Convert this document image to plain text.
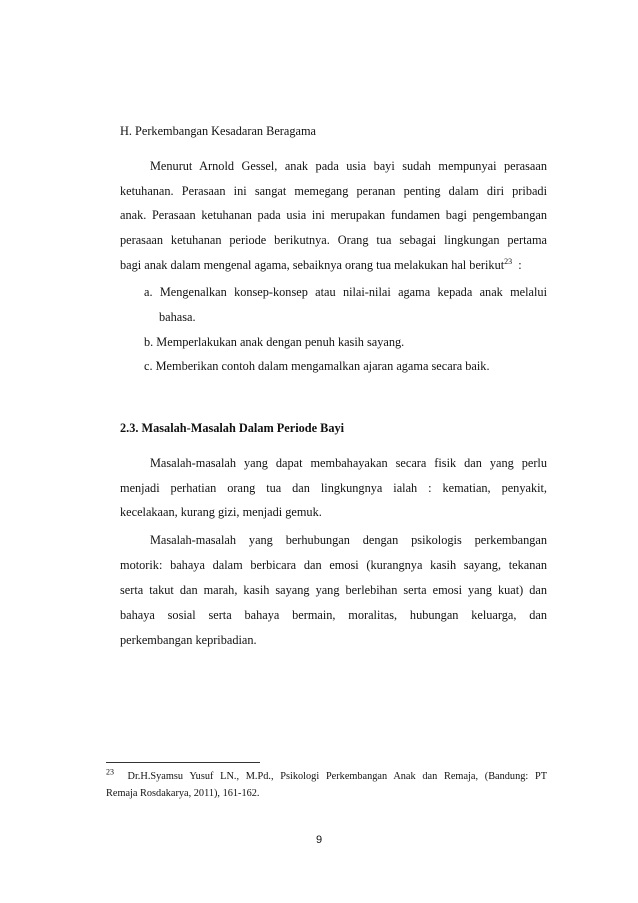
H. Perkembangan Kesadaran Beragama
Menurut Arnold Gessel, anak pada usia bayi sudah mempunyai perasaan
ketuhanan. Perasaan ini sangat memegang peranan penting dalam diri pribadi
anak. Perasaan ketuhanan pada usia ini merupakan fundamen bagi pengembangan
perasaan ketuhanan periode berikutnya. Orang tua sebagai lingkungan pertama
bagi anak dalam mengenal agama, sebaiknya orang tua melakukan hal berikut$^{23}$ :
a. Mengenalkan konsep-konsep atau nilai-nilai agama kepada anak melalui
bahasa.
b. Memperlakukan anak dengan penuh kasih sayang.
c. Memberikan contoh dalam mengamalkan ajaran agama secara baik.
2.3. Masalah-Masalah Dalam Periode Bayi
Masalah-masalah yang dapat membahayakan secara fisik dan yang perlu
menjadi perhatian orang tua dan lingkungnya ialah : kematian, penyakit,
kecelakaan, kurang gizi, menjadi gemuk.
Masalah-masalah yang berhubungan dengan psikologis perkembangan
motorik: bahaya dalam berbicara dan emosi (kurangnya kasih sayang, tekanan
serta takut dan marah, kasih sayang yang berlebihan serta emosi yang kuat) dan
bahaya sosial serta bahaya bermain, moralitas, hubungan keluarga, dan
perkembangan kepribadian.
$^{23}$ Dr.H.Syamsu Yusuf LN., M.Pd., Psikologi Perkembangan Anak dan Remaja, (Bandung: PT
Remaja Rosdakarya, 2011), 161-162.
9
